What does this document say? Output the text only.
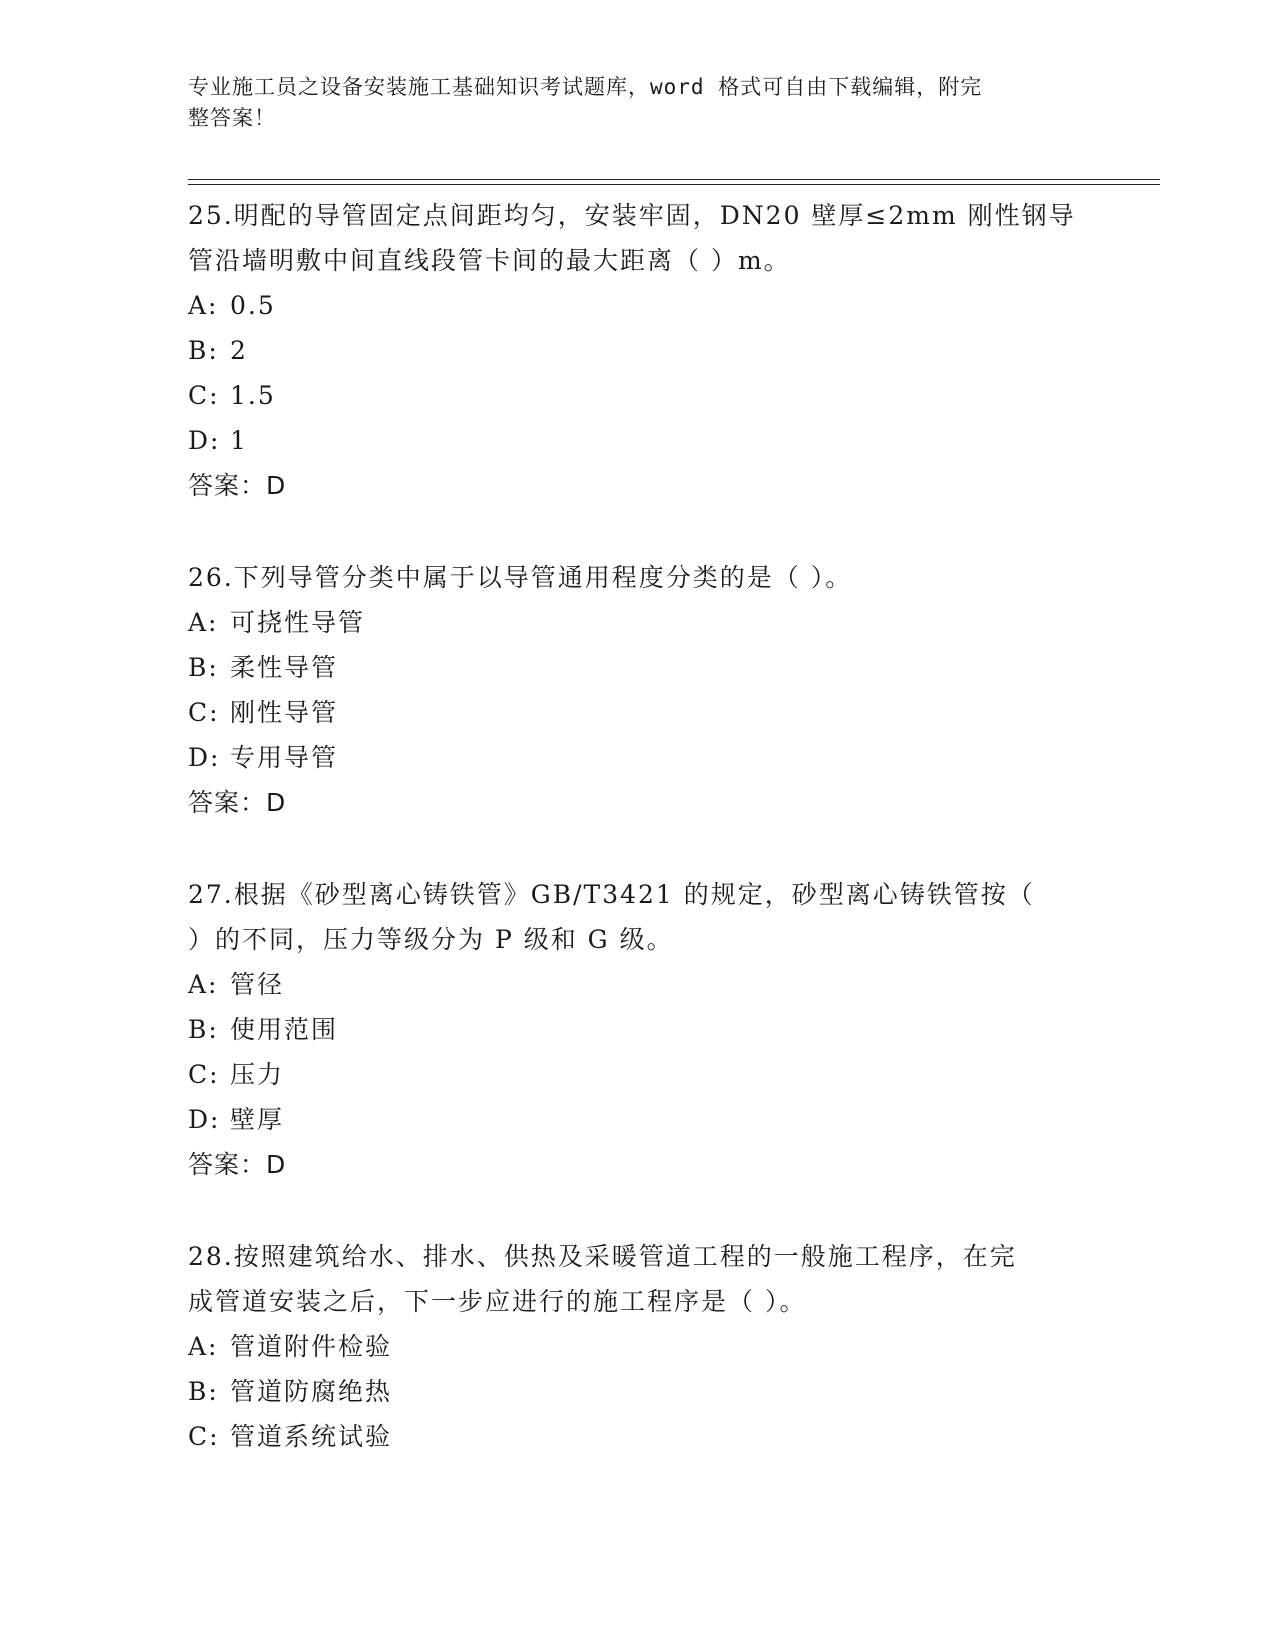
专业施工员之设备安装施工基础知识考试题库，word 格式可自由下载编辑，附完
整答案！
25.明配的导管固定点间距均匀，安装牢固，DN20 壁厚≤2mm 刚性钢导
管沿墙明敷中间直线段管卡间的最大距离（ ）m。
A: 0.5
B: 2
C: 1.5
D: 1
答案：D
26.下列导管分类中属于以导管通用程度分类的是（ ）。
A: 可挠性导管
B: 柔性导管
C: 刚性导管
D: 专用导管
答案：D
27.根据《砂型离心铸铁管》GB/T3421 的规定，砂型离心铸铁管按（
）的不同，压力等级分为 P 级和 G 级。
A: 管径
B: 使用范围
C: 压力
D: 壁厚
答案：D
28.按照建筑给水、排水、供热及采暖管道工程的一般施工程序，在完
成管道安装之后，下一步应进行的施工程序是（ ）。
A: 管道附件检验
B: 管道防腐绝热
C: 管道系统试验
